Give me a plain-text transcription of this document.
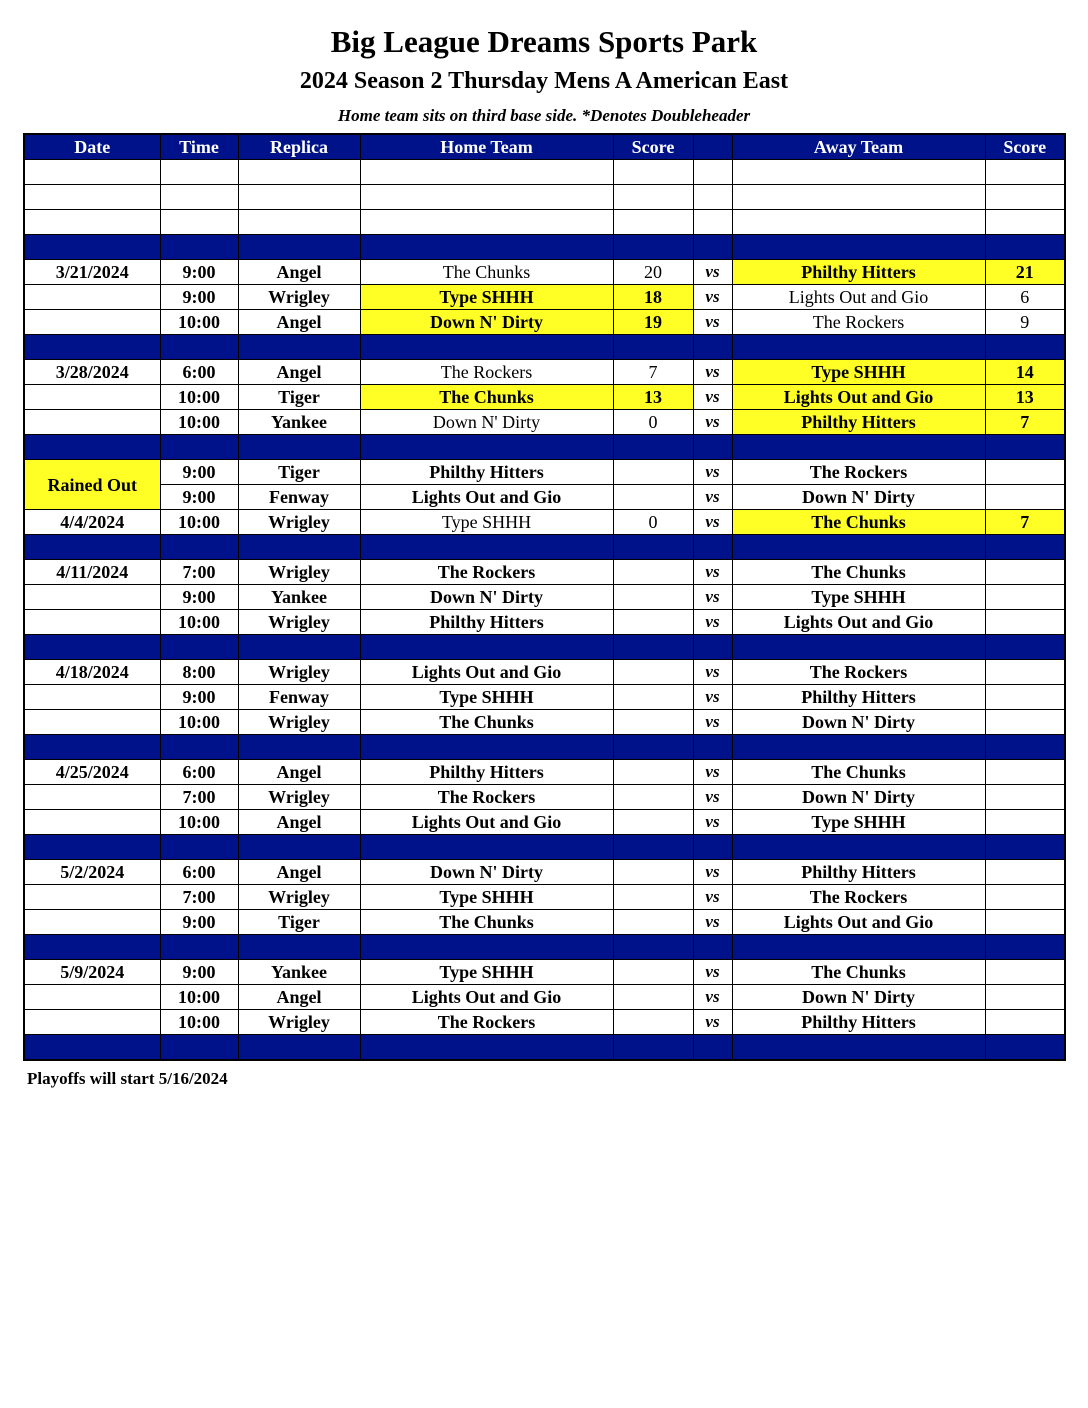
Big League Dreams Sports Park
2024 Season 2 Thursday Mens A American East
Home team sits on third base side. *Denotes Doubleheader
Date	Time	Replica	Home Team	Score		Away Team	Score

3/21/2024	9:00	Angel	The Chunks	20	vs	Philthy Hitters	21
	9:00	Wrigley	Type SHHH	18	vs	Lights Out and Gio	6
	10:00	Angel	Down N' Dirty	19	vs	The Rockers	9

3/28/2024	6:00	Angel	The Rockers	7	vs	Type SHHH	14
	10:00	Tiger	The Chunks	13	vs	Lights Out and Gio	13
	10:00	Yankee	Down N' Dirty	0	vs	Philthy Hitters	7

Rained Out	9:00	Tiger	Philthy Hitters		vs	The Rockers	
	9:00	Fenway	Lights Out and Gio		vs	Down N' Dirty	
4/4/2024	10:00	Wrigley	Type SHHH	0	vs	The Chunks	7

4/11/2024	7:00	Wrigley	The Rockers		vs	The Chunks	
	9:00	Yankee	Down N' Dirty		vs	Type SHHH	
	10:00	Wrigley	Philthy Hitters		vs	Lights Out and Gio	

4/18/2024	8:00	Wrigley	Lights Out and Gio		vs	The Rockers	
	9:00	Fenway	Type SHHH		vs	Philthy Hitters	
	10:00	Wrigley	The Chunks		vs	Down N' Dirty	

4/25/2024	6:00	Angel	Philthy Hitters		vs	The Chunks	
	7:00	Wrigley	The Rockers		vs	Down N' Dirty	
	10:00	Angel	Lights Out and Gio		vs	Type SHHH	

5/2/2024	6:00	Angel	Down N' Dirty		vs	Philthy Hitters	
	7:00	Wrigley	Type SHHH		vs	The Rockers	
	9:00	Tiger	The Chunks		vs	Lights Out and Gio	

5/9/2024	9:00	Yankee	Type SHHH		vs	The Chunks	
	10:00	Angel	Lights Out and Gio		vs	Down N' Dirty	
	10:00	Wrigley	The Rockers		vs	Philthy Hitters	

Playoffs will start 5/16/2024
